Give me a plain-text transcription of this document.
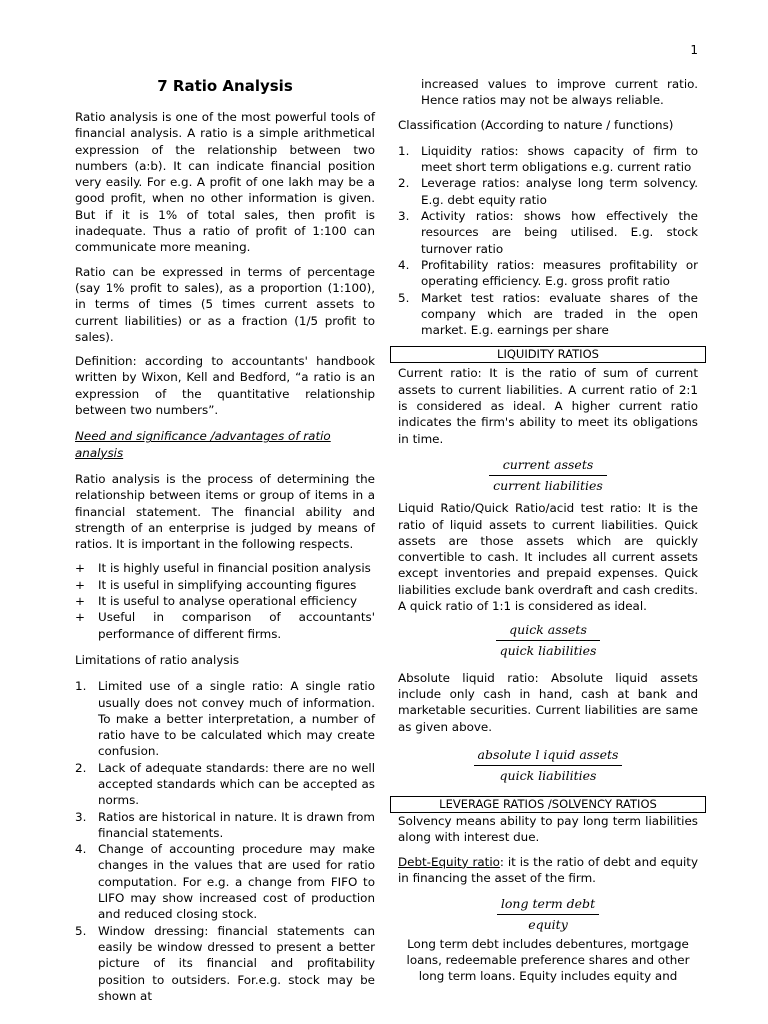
1
7 Ratio Analysis

Ratio analysis is one of the most powerful tools of financial analysis. A ratio is a simple arithmetical expression of the relationship between two numbers (a:b). It can indicate financial position very easily. For e.g. A profit of one lakh may be a good profit, when no other information is given. But if it is 1% of total sales, then profit is inadequate. Thus a ratio of profit of 1:100 can communicate more meaning.

Ratio can be expressed in terms of percentage (say 1% profit to sales), as a proportion (1:100), in terms of times (5 times current assets to current liabilities) or as a fraction (1/5 profit to sales).

Definition: according to accountants' handbook written by Wixon, Kell and Bedford, “a ratio is an expression of the quantitative relationship between two numbers”.

Need and significance /advantages of ratio analysis

Ratio analysis is the process of determining the relationship between items or group of items in a financial statement. The financial ability and strength of an enterprise is judged by means of ratios. It is important in the following respects.

+ It is highly useful in financial position analysis
+ It is useful in simplifying accounting figures
+ It is useful to analyse operational efficiency
+ Useful in comparison of accountants' performance of different firms.

Limitations of ratio analysis

1. Limited use of a single ratio: A single ratio usually does not convey much of information. To make a better interpretation, a number of ratio have to be calculated which may create confusion.
2. Lack of adequate standards: there are no well accepted standards which can be accepted as norms.
3. Ratios are historical in nature. It is drawn from financial statements.
4. Change of accounting procedure may make changes in the values that are used for ratio computation. For e.g. a change from FIFO to LIFO may show increased cost of production and reduced closing stock.
5. Window dressing: financial statements can easily be window dressed to present a better picture of its financial and profitability position to outsiders. For.e.g. stock may be shown at

increased values to improve current ratio. Hence ratios may not be always reliable.

Classification (According to nature / functions)

1. Liquidity ratios: shows capacity of firm to meet short term obligations e.g. current ratio
2. Leverage ratios: analyse long term solvency. E.g. debt equity ratio
3. Activity ratios: shows how effectively the resources are being utilised. E.g. stock turnover ratio
4. Profitability ratios: measures profitability or operating efficiency. E.g. gross profit ratio
5. Market test ratios: evaluate shares of the company which are traded in the open market. E.g. earnings per share
LIQUIDITY RATIOS

Current ratio: It is the ratio of sum of current assets to current liabilities. A current ratio of 2:1 is considered as ideal. A higher current ratio indicates the firm's ability to meet its obligations in time.

$\frac{\text{current assets}}{\text{current liabilities}}$

Liquid Ratio/Quick Ratio/acid test ratio: It is the ratio of liquid assets to current liabilities. Quick assets are those assets which are quickly convertible to cash. It includes all current assets except inventories and prepaid expenses. Quick liabilities exclude bank overdraft and cash credits. A quick ratio of 1:1 is considered as ideal.

$\frac{\text{quick assets}}{\text{quick liabilities}}$

Absolute liquid ratio: Absolute liquid assets include only cash in hand, cash at bank and marketable securities. Current liabilities are same as given above.

$\frac{\text{absolute l iquid assets}}{\text{quick liabilities}}$
LEVERAGE RATIOS /SOLVENCY RATIOS

Solvency means ability to pay long term liabilities along with interest due.

Debt-Equity ratio: it is the ratio of debt and equity in financing the asset of the firm.

$\frac{\text{long term debt}}{\text{equity}}$

Long term debt includes debentures, mortgage loans, redeemable preference shares and other long term loans. Equity includes equity and
